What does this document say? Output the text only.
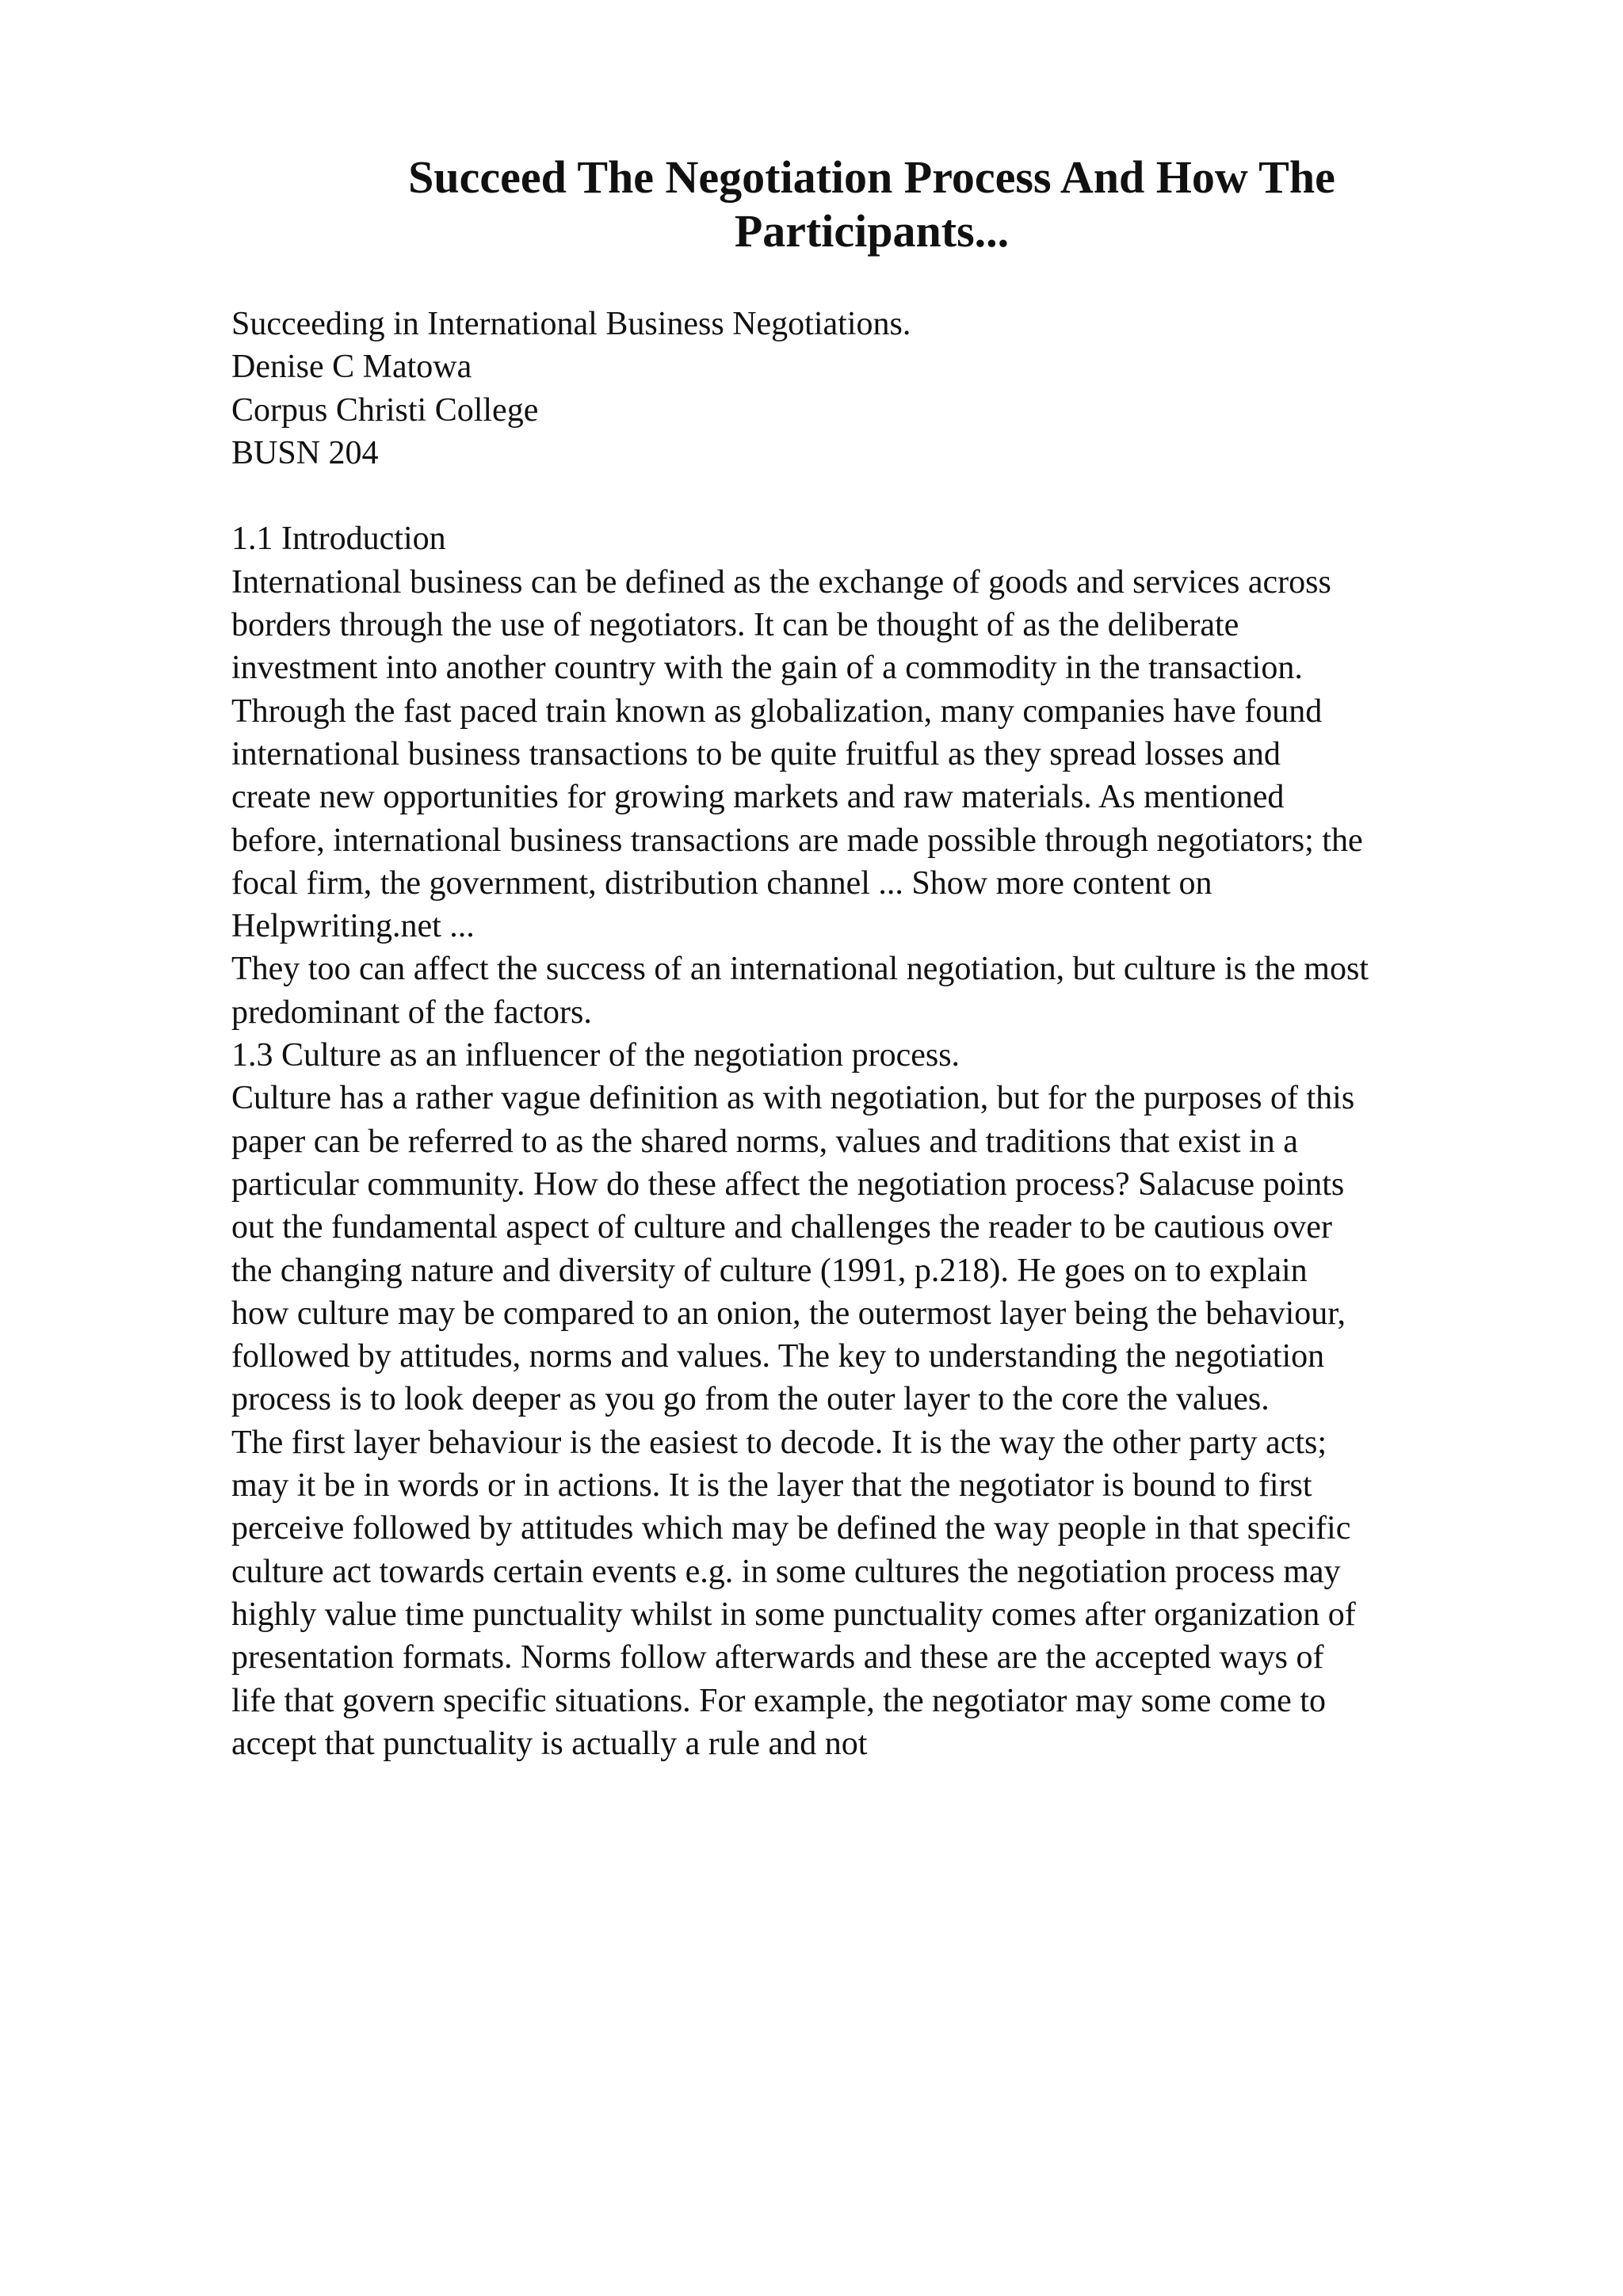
Succeed The Negotiation Process And How The
Participants...
Succeeding in International Business Negotiations.
Denise C Matowa
Corpus Christi College
BUSN 204
1.1 Introduction
International business can be defined as the exchange of goods and services across
borders through the use of negotiators. It can be thought of as the deliberate
investment into another country with the gain of a commodity in the transaction.
Through the fast paced train known as globalization, many companies have found
international business transactions to be quite fruitful as they spread losses and
create new opportunities for growing markets and raw materials. As mentioned
before, international business transactions are made possible through negotiators; the
focal firm, the government, distribution channel ... Show more content on
Helpwriting.net ...
They too can affect the success of an international negotiation, but culture is the most
predominant of the factors.
1.3 Culture as an influencer of the negotiation process.
Culture has a rather vague definition as with negotiation, but for the purposes of this
paper can be referred to as the shared norms, values and traditions that exist in a
particular community. How do these affect the negotiation process? Salacuse points
out the fundamental aspect of culture and challenges the reader to be cautious over
the changing nature and diversity of culture (1991, p.218). He goes on to explain
how culture may be compared to an onion, the outermost layer being the behaviour,
followed by attitudes, norms and values. The key to understanding the negotiation
process is to look deeper as you go from the outer layer to the core the values.
The first layer behaviour is the easiest to decode. It is the way the other party acts;
may it be in words or in actions. It is the layer that the negotiator is bound to first
perceive followed by attitudes which may be defined the way people in that specific
culture act towards certain events e.g. in some cultures the negotiation process may
highly value time punctuality whilst in some punctuality comes after organization of
presentation formats. Norms follow afterwards and these are the accepted ways of
life that govern specific situations. For example, the negotiator may some come to
accept that punctuality is actually a rule and not
